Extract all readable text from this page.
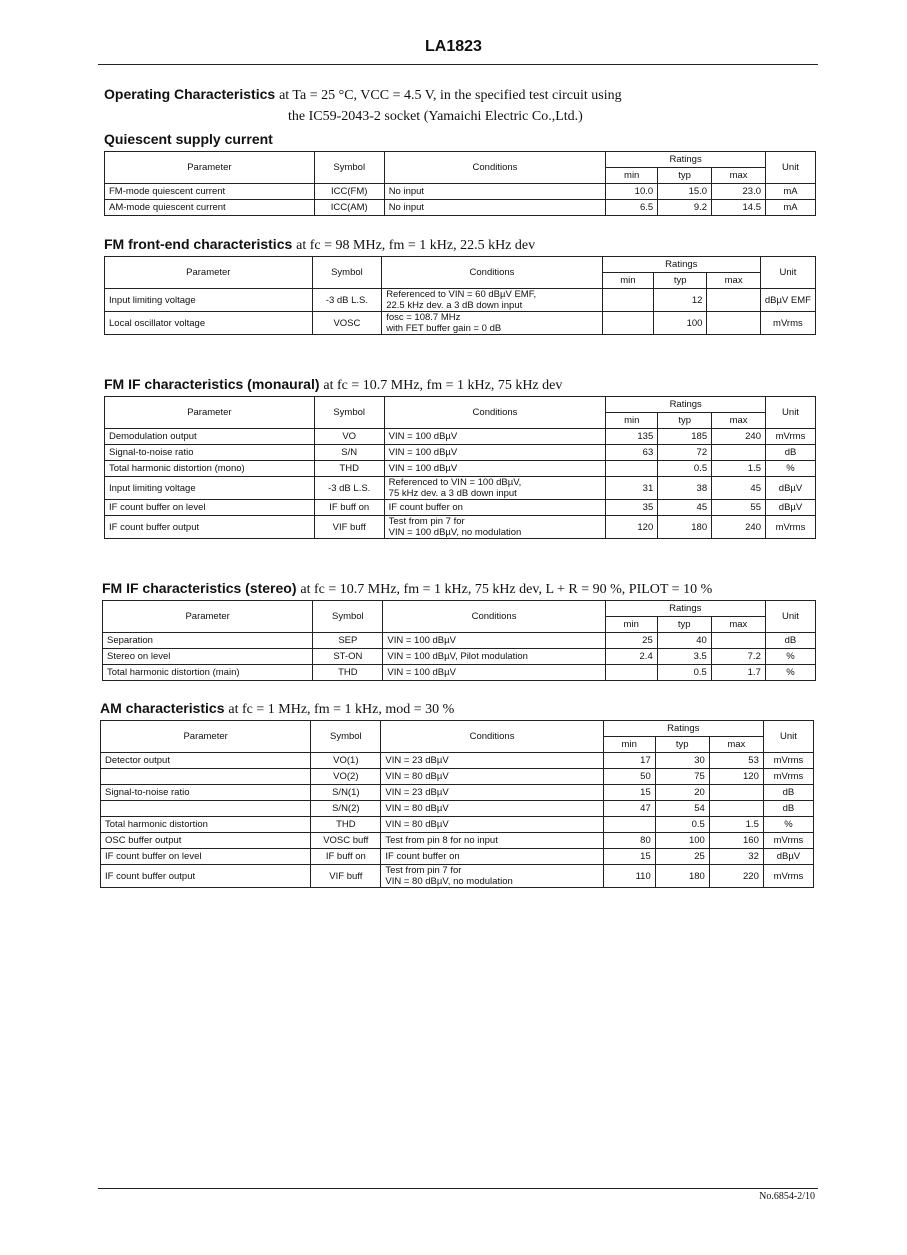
LA1823
Operating Characteristics at Ta = 25 °C, VCC = 4.5 V, in the specified test circuit using
the IC59-2043-2 socket (Yamaichi Electric Co.,Ltd.)
Quiescent supply current
Parameter	Symbol	Conditions	Ratings			Unit
			min	typ	max	
FM-mode quiescent current	ICC(FM)	No input	10.0	15.0	23.0	mA
AM-mode quiescent current	ICC(AM)	No input	6.5	9.2	14.5	mA
FM front-end characteristics at fc = 98 MHz, fm = 1 kHz, 22.5 kHz dev
Parameter	Symbol	Conditions	Ratings			Unit
			min	typ	max	
Input limiting voltage	-3 dB L.S.	Referenced to VIN = 60 dBµV EMF,
22.5 kHz dev. a 3 dB down input		12		dBµV EMF
Local oscillator voltage	VOSC	fosc = 108.7 MHz
with FET buffer gain = 0 dB		100		mVrms
FM IF characteristics (monaural) at fc = 10.7 MHz, fm = 1 kHz, 75 kHz dev
Parameter	Symbol	Conditions	Ratings			Unit
			min	typ	max	
Demodulation output	VO	VIN = 100 dBµV	135	185	240	mVrms
Signal-to-noise ratio	S/N	VIN = 100 dBµV	63	72		dB
Total harmonic distortion (mono)	THD	VIN = 100 dBµV		0.5	1.5	%
Input limiting voltage	-3 dB L.S.	Referenced to VIN = 100 dBµV,
75 kHz dev. a 3 dB down input	31	38	45	dBµV
IF count buffer on level	IF buff on	IF count buffer on	35	45	55	dBµV
IF count buffer output	VIF buff	Test from pin 7 for
VIN = 100 dBµV, no modulation	120	180	240	mVrms
FM IF characteristics (stereo) at fc = 10.7 MHz, fm = 1 kHz, 75 kHz dev, L + R = 90 %, PILOT = 10 %
Parameter	Symbol	Conditions	Ratings			Unit
			min	typ	max	
Separation	SEP	VIN = 100 dBµV	25	40		dB
Stereo on level	ST-ON	VIN = 100 dBµV, Pilot modulation	2.4	3.5	7.2	%
Total harmonic distortion (main)	THD	VIN = 100 dBµV		0.5	1.7	%
AM characteristics at fc = 1 MHz, fm = 1 kHz, mod = 30 %
Parameter	Symbol	Conditions	Ratings			Unit
			min	typ	max	
Detector output	VO(1)	VIN = 23 dBµV	17	30	53	mVrms
	VO(2)	VIN = 80 dBµV	50	75	120	mVrms
Signal-to-noise ratio	S/N(1)	VIN = 23 dBµV	15	20		dB
	S/N(2)	VIN = 80 dBµV	47	54		dB
Total harmonic distortion	THD	VIN = 80 dBµV		0.5	1.5	%
OSC buffer output	VOSC buff	Test from pin 8 for no input	80	100	160	mVrms
IF count buffer on level	IF buff on	IF count buffer on	15	25	32	dBµV
IF count buffer output	VIF buff	Test from pin 7 for
VIN = 80 dBµV, no modulation	110	180	220	mVrms
No.6854-2/10
